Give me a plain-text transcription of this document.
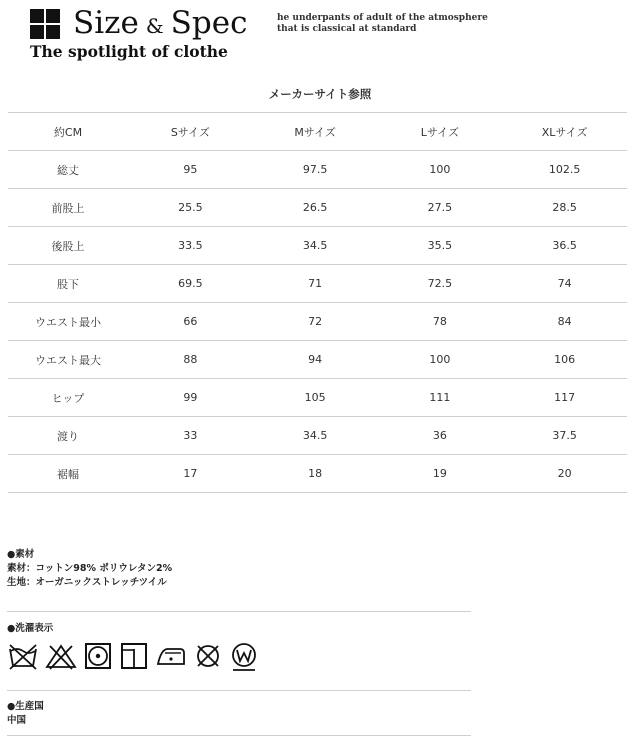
Size & Spec
The spotlight of clothe
he underpants of adult of the atmosphere
that is classical at standard
メーカーサイト参照
約CM	Sサイズ	Mサイズ	Lサイズ	XLサイズ
総丈	95	97.5	100	102.5
前股上	25.5	26.5	27.5	28.5
後股上	33.5	34.5	35.5	36.5
股下	69.5	71	72.5	74
ウエスト最小	66	72	78	84
ウエスト最大	88	94	100	106
ヒップ	99	105	111	117
渡り	33	34.5	36	37.5
裾幅	17	18	19	20
●素材
素材：コットン98% ポリウレタン2%
生地：オーガニックストレッチツイル
●洗濯表示
●生産国
中国
